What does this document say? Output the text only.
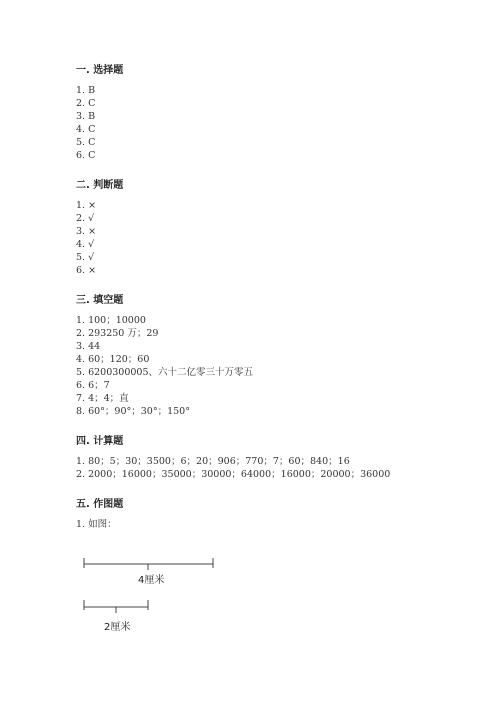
一. 选择题
1. B
2. C
3. B
4. C
5. C
6. C
二. 判断题
1. ×
2. √
3. ×
4. √
5. √
6. ×
三. 填空题
1. 100；10000
2. 293250 万；29
3. 44
4. 60；120；60
5. 6200300005、六十二亿零三十万零五
6. 6；7
7. 4；4；直
8. 60°；90°；30°；150°
四. 计算题
1. 80；5；30；3500；6；20；906；770；7；60；840；16
2. 2000；16000；35000；30000；64000；16000；20000；36000
五. 作图题
1. 如图：
4厘米
2厘米
